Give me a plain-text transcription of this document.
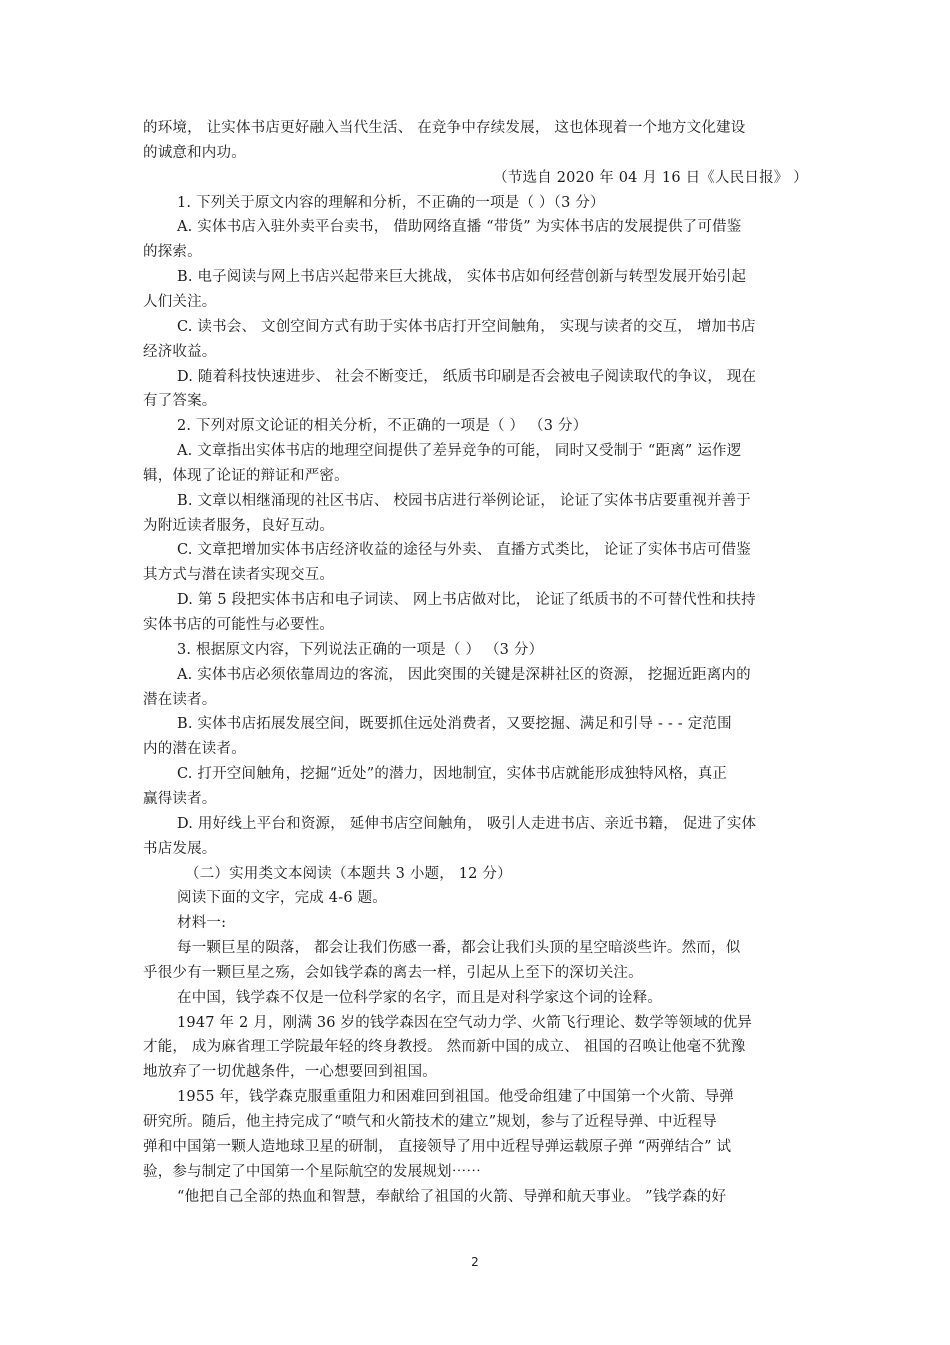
的环境， 让实体书店更好融入当代生活、 在竞争中存续发展， 这也体现着一个地方文化建设
的诚意和内功。
（节选自 2020 年 04 月 16 日《人民日报》 ）
1. 下列关于原文内容的理解和分析，不正确的一项是（ ）（3 分）
A. 实体书店入驻外卖平台卖书， 借助网络直播 “带货” 为实体书店的发展提供了可借鉴
的探索。
B. 电子阅读与网上书店兴起带来巨大挑战， 实体书店如何经营创新与转型发展开始引起
人们关注。
C. 读书会、 文创空间方式有助于实体书店打开空间触角， 实现与读者的交互， 增加书店
经济收益。
D. 随着科技快速进步、 社会不断变迁， 纸质书印刷是否会被电子阅读取代的争议， 现在
有了答案。
2. 下列对原文论证的相关分析，不正确的一项是（ ） （3 分）
A. 文章指出实体书店的地理空间提供了差异竞争的可能， 同时又受制于 “距离” 运作逻
辑，体现了论证的辩证和严密。
B. 文章以相继涌现的社区书店、 校园书店进行举例论证， 论证了实体书店要重视并善于
为附近读者服务，良好互动。
C. 文章把增加实体书店经济收益的途径与外卖、 直播方式类比， 论证了实体书店可借鉴
其方式与潜在读者实现交互。
D. 第 5 段把实体书店和电子词读、 网上书店做对比， 论证了纸质书的不可替代性和扶持
实体书店的可能性与必要性。
3. 根据原文内容，下列说法正确的一项是（ ） （3 分）
A. 实体书店必须依靠周边的客流， 因此突围的关键是深耕社区的资源， 挖掘近距离内的
潜在读者。
B. 实体书店拓展发展空间，既要抓住远处消费者，又要挖掘、满足和引导 - - - 定范围
内的潜在读者。
C. 打开空间触角，挖掘“近处”的潜力，因地制宜，实体书店就能形成独特风格，真正
赢得读者。
D. 用好线上平台和资源， 延伸书店空间触角， 吸引人走进书店、亲近书籍， 促进了实体
书店发展。
（二）实用类文本阅读（本题共 3 小题， 12 分）
阅读下面的文字，完成 4-6 题。
材料一:
每一颗巨星的陨落， 都会让我们伤感一番，都会让我们头顶的星空暗淡些许。然而，似
乎很少有一颗巨星之殇，会如钱学森的离去一样，引起从上至下的深切关注。
在中国，钱学森不仅是一位科学家的名字，而且是对科学家这个词的诠释。
1947 年 2 月，刚满 36 岁的钱学森因在空气动力学、火箭飞行理论、数学等领域的优异
才能， 成为麻省理工学院最年轻的终身教授。 然而新中国的成立、 祖国的召唤让他毫不犹豫
地放弃了一切优越条件，一心想要回到祖国。
1955 年，钱学森克服重重阻力和困难回到祖国。他受命组建了中国第一个火箭、导弹
研究所。随后，他主持完成了“喷气和火箭技术的建立”规划，参与了近程导弹、中近程导
弹和中国第一颗人造地球卫星的研制， 直接领导了用中近程导弹运载原子弹 “两弹结合” 试
验，参与制定了中国第一个星际航空的发展规划⋯⋯
“他把自己全部的热血和智慧，奉献给了祖国的火箭、导弹和航天事业。 ”钱学森的好
2
